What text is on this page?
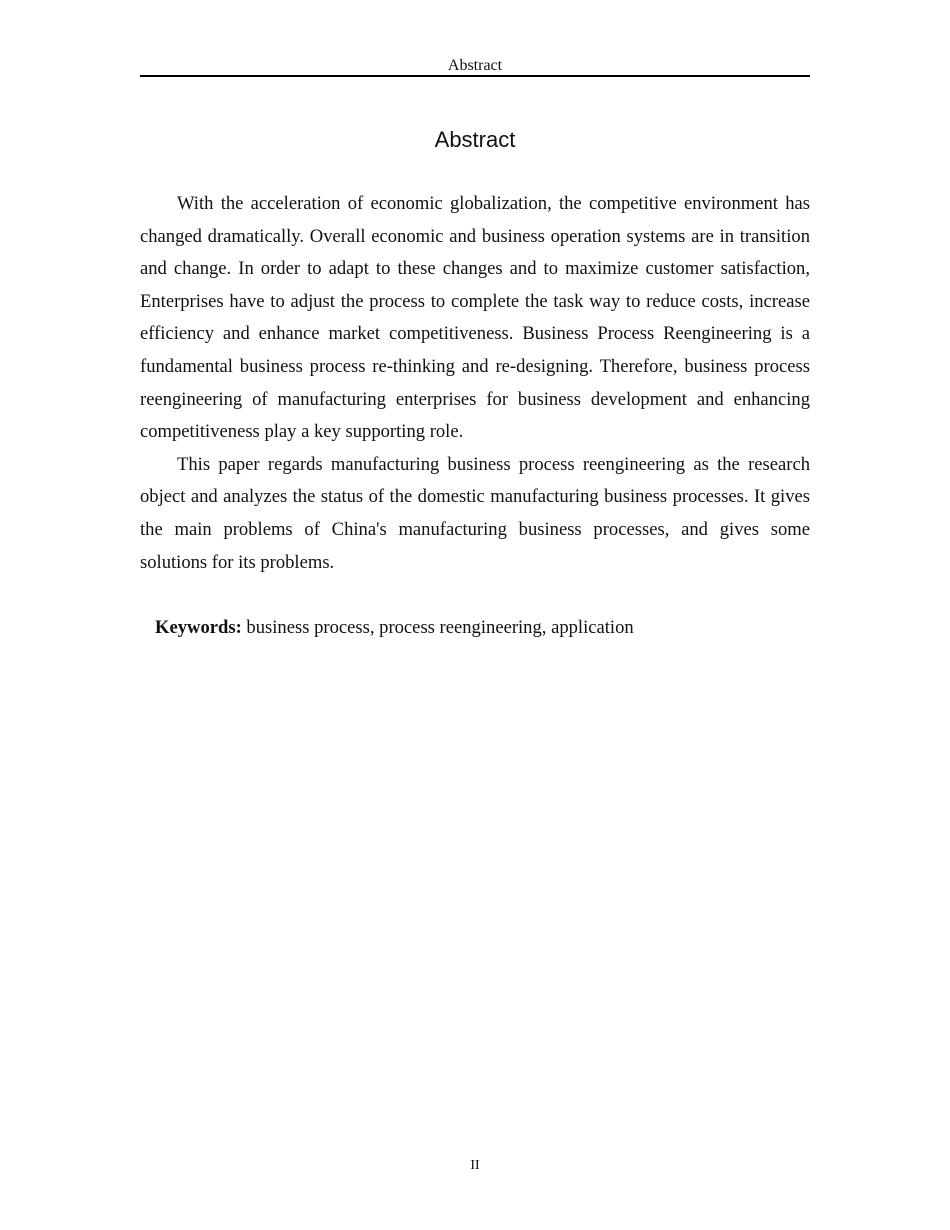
Abstract
Abstract

With the acceleration of economic globalization, the competitive environment has changed dramatically. Overall economic and business operation systems are in transition and change. In order to adapt to these changes and to maximize customer satisfaction, Enterprises have to adjust the process to complete the task way to reduce costs, increase efficiency and enhance market competitiveness. Business Process Reengineering is a fundamental business process re-thinking and re-designing. Therefore, business process reengineering of manufacturing enterprises for business development and enhancing competitiveness play a key supporting role.

This paper regards manufacturing business process reengineering as the research object and analyzes the status of the domestic manufacturing business processes. It gives the main problems of China's manufacturing business processes, and gives some solutions for its problems.

Keywords: business process, process reengineering, application
II
